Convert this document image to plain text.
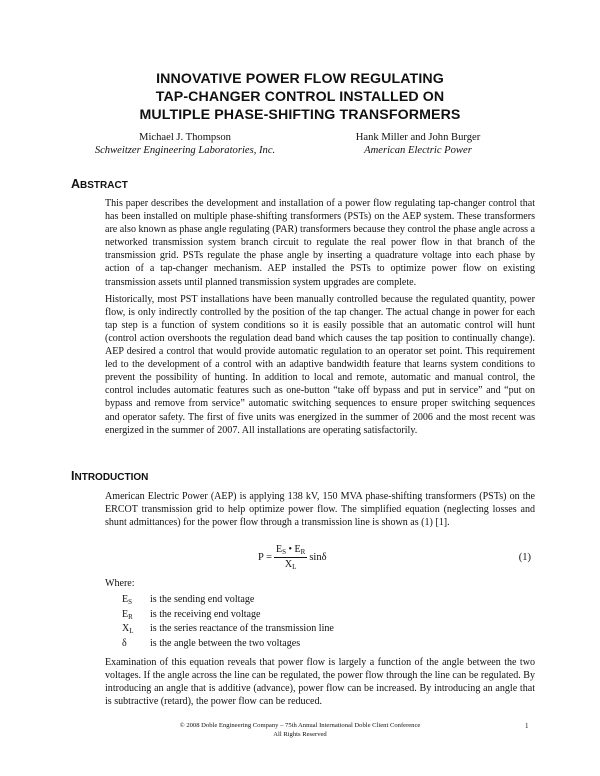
INNOVATIVE POWER FLOW REGULATING
TAP-CHANGER CONTROL INSTALLED ON
MULTIPLE PHASE-SHIFTING TRANSFORMERS
Michael J. Thompson
Schweitzer Engineering Laboratories, Inc.
Hank Miller and John Burger
American Electric Power
ABSTRACT

This paper describes the development and installation of a power flow regulating tap-changer control that has been installed on multiple phase-shifting transformers (PSTs) on the AEP system. These transformers are also known as phase angle regulating (PAR) transformers because they control the phase angle across a networked transmission system branch circuit to regulate the real power flow in that branch of the transmission grid. PSTs regulate the phase angle by inserting a quadrature voltage into each phase by action of a tap-changer mechanism. AEP installed the PSTs to optimize power flow on existing transmission assets until planned transmission system upgrades are complete.

Historically, most PST installations have been manually controlled because the regulated quantity, power flow, is only indirectly controlled by the position of the tap changer. The actual change in power for each tap step is a function of system conditions so it is easily possible that an automatic control will hunt (control action overshoots the regulation dead band which causes the tap position to continually change). AEP desired a control that would provide automatic regulation to an operator set point. This requirement led to the development of a control with an adaptive bandwidth feature that learns system conditions to prevent the possibility of hunting. In addition to local and remote, automatic and manual control, the control includes automatic features such as one-button “take off bypass and put in service” and “put on bypass and remove from service” automatic switching sequences to ensure proper switching sequences and operator safety. The first of five units was energized in the summer of 2006 and the most recent was energized in the summer of 2007. All installations are operating satisfactorily.

INTRODUCTION

American Electric Power (AEP) is applying 138 kV, 150 MVA phase-shifting transformers (PSTs) on the ERCOT transmission grid to help optimize power flow. The simplified equation (neglecting losses and shunt admittances) for the power flow through a transmission line is shown as (1) [1].

$P = \frac{E_S • E_R}{X_L}$ sinδ	(1)
Where:
$E_S$	is the sending end voltage
$E_R$	is the receiving end voltage
$X_L$	is the series reactance of the transmission line
δ	is the angle between the two voltages
Examination of this equation reveals that power flow is largely a function of the angle between the two voltages. If the angle across the line can be regulated, the power flow through the line can be regulated. By introducing an angle that is additive (advance), power flow can be increased. By introducing an angle that is subtractive (retard), the power flow can be reduced.
© 2008 Doble Engineering Company – 75th Annual International Doble Client Conference
All Rights Reserved
1
